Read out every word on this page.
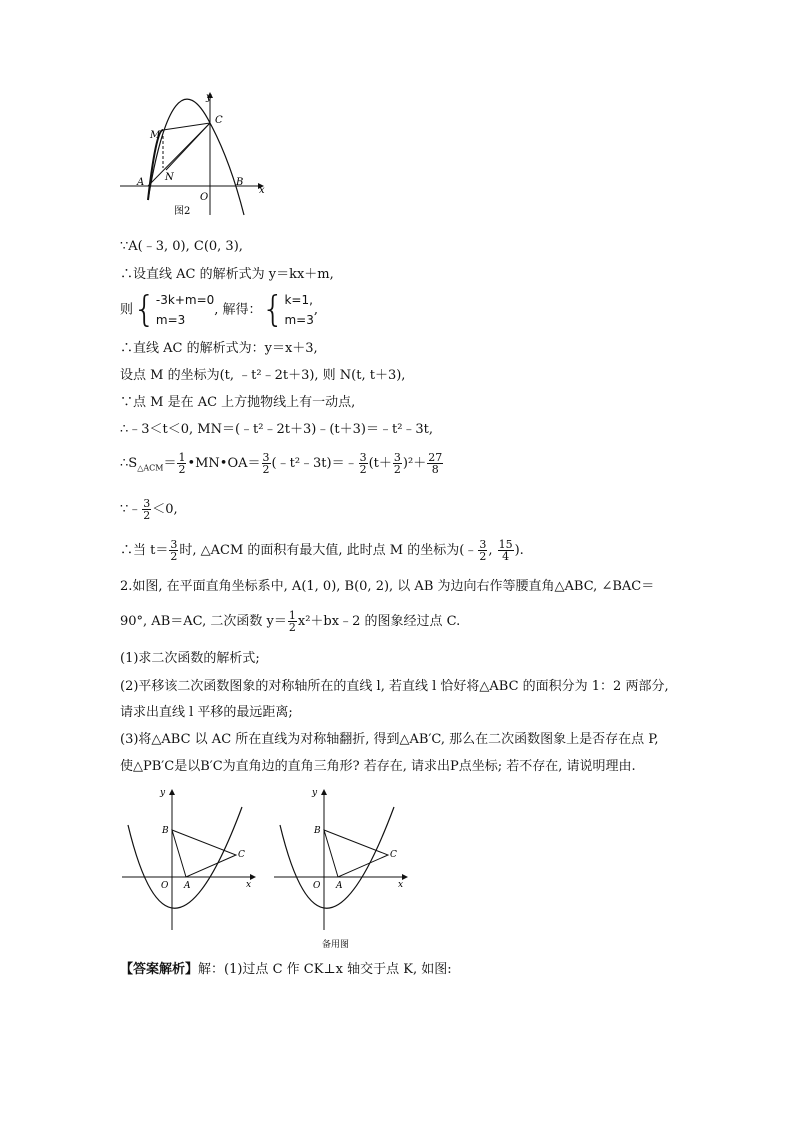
y
x
C
M
N
A	B
O
图2
∵A(﹣3, 0), C(0, 3),
∴设直线 AC 的解析式为 y＝kx＋m,
则{ -3k+m=0
m=3
, 解得：{ k=1,
m=3
,
∴直线 AC 的解析式为：y＝x＋3,
设点 M 的坐标为(t, ﹣t²﹣2t＋3), 则 N(t, t＋3),
∵点 M 是在 AC 上方抛物线上有一动点,
∴﹣3＜t＜0, MN＝(﹣t²﹣2t＋3)﹣(t＋3)＝﹣t²﹣3t,
$\therefore S_{\triangle ACM}= \frac{1}{2}$ •MN•OA＝ $\frac{3}{2}$ (﹣t²﹣3t)＝﹣ $\frac{3}{2} (t+ \frac{3}{2} )^2+ \frac{27}{8}$
∵﹣ $\frac{3}{2} <0$,
∴当 $t= \frac{3}{2}$ 时, △ACM 的面积有最大值, 此时点 M 的坐标为(﹣ $\frac{3}{2}$ , $\frac{15}{4}$ ).
2.如图, 在平面直角坐标系中, A(1, 0), B(0, 2), 以 AB 为边向右作等腰直角△ABC, ∠BAC＝
90°, AB＝AC, 二次函数 $y= \frac{1}{2}$ x²＋bx﹣2 的图象经过点 C.
(1)求二次函数的解析式;
(2)平移该二次函数图象的对称轴所在的直线 l, 若直线 l 恰好将△ABC 的面积分为 1：2 两部分,
请求出直线 l 平移的最远距离;
(3)将△ABC 以 AC 所在直线为对称轴翻折, 得到△AB′C, 那么在二次函数图象上是否存在点 P,
使△PB′C是以B′C为直角边的直角三角形? 若存在, 请求出P点坐标; 若不存在, 请说明理由.
y
x
B
C
O A
y
x
B
C
O A
备用图
【答案解析】解：(1)过点 C 作 CK⊥x 轴交于点 K, 如图:
